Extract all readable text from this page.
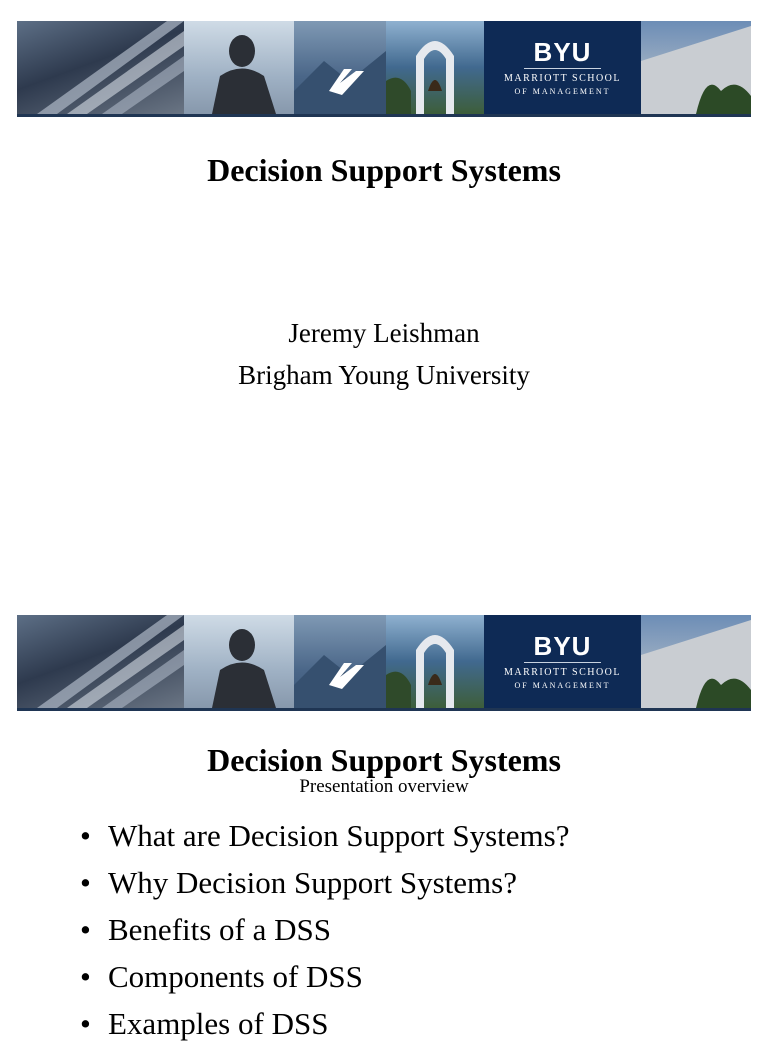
BYU
MARRIOTT SCHOOL
OF MANAGEMENT
Decision Support Systems
Jeremy Leishman
Brigham Young University
BYU
MARRIOTT SCHOOL
OF MANAGEMENT
Decision Support Systems
Presentation overview
• What are Decision Support Systems?
• Why Decision Support Systems?
• Benefits of a DSS
• Components of DSS
• Examples of DSS
